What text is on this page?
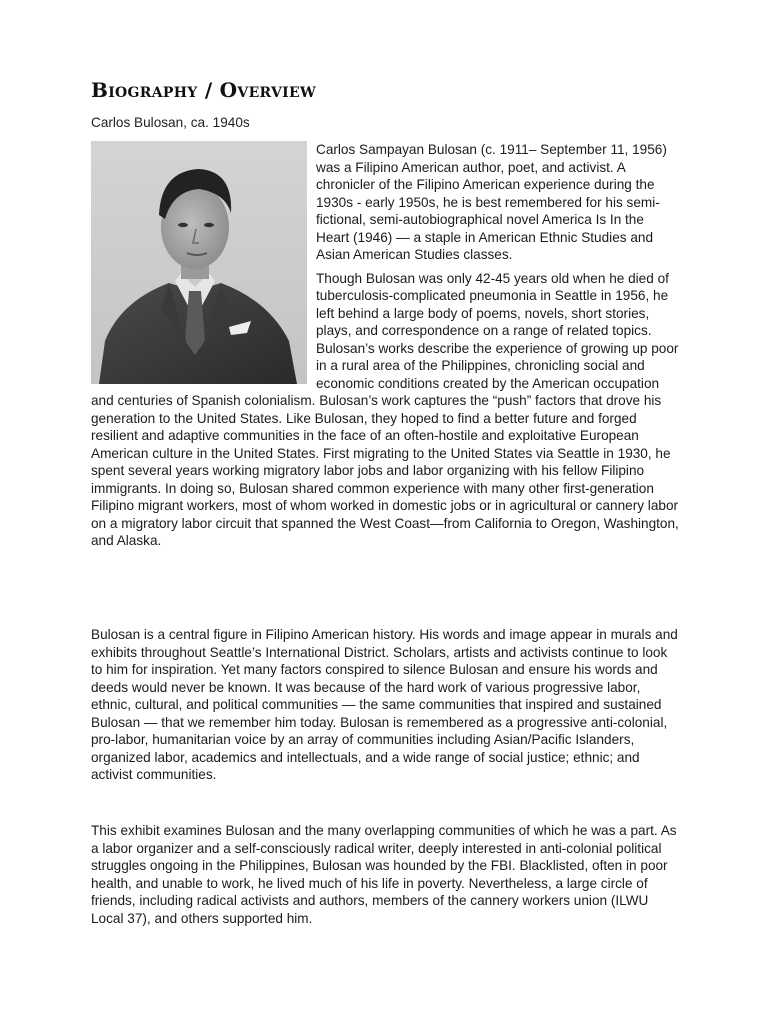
Biography / Overview
Carlos Bulosan, ca. 1940s

Carlos Sampayan Bulosan (c. 1911– September 11, 1956) was a Filipino American author, poet, and activist. A chronicler of the Filipino American experience during the 1930s - early 1950s, he is best remembered for his semi-fictional, semi-autobiographical novel America Is In the Heart (1946) — a staple in American Ethnic Studies and Asian American Studies classes.

Though Bulosan was only 42-45 years old when he died of tuberculosis-complicated pneumonia in Seattle in 1956, he left behind a large body of poems, novels, short stories, plays, and correspondence on a range of related topics. Bulosan’s works describe the experience of growing up poor in a rural area of the Philippines, chronicling social and economic conditions created by the American occupation and centuries of Spanish colonialism. Bulosan’s work captures the “push” factors that drove his generation to the United States. Like Bulosan, they hoped to find a better future and forged resilient and adaptive communities in the face of an often-hostile and exploitative European American culture in the United States. First migrating to the United States via Seattle in 1930, he spent several years working migratory labor jobs and labor organizing with his fellow Filipino immigrants. In doing so, Bulosan shared common experience with many other first-generation Filipino migrant workers, most of whom worked in domestic jobs or in agricultural or cannery labor on a migratory labor circuit that spanned the West Coast—from California to Oregon, Washington, and Alaska.

Bulosan is a central figure in Filipino American history. His words and image appear in murals and exhibits throughout Seattle’s International District. Scholars, artists and activists continue to look to him for inspiration. Yet many factors conspired to silence Bulosan and ensure his words and deeds would never be known. It was because of the hard work of various progressive labor, ethnic, cultural, and political communities — the same communities that inspired and sustained Bulosan — that we remember him today. Bulosan is remembered as a progressive anti-colonial, pro-labor, humanitarian voice by an array of communities including Asian/Pacific Islanders, organized labor, academics and intellectuals, and a wide range of social justice; ethnic; and activist communities.

This exhibit examines Bulosan and the many overlapping communities of which he was a part. As a labor organizer and a self-consciously radical writer, deeply interested in anti-colonial political struggles ongoing in the Philippines, Bulosan was hounded by the FBI. Blacklisted, often in poor health, and unable to work, he lived much of his life in poverty. Nevertheless, a large circle of friends, including radical activists and authors, members of the cannery workers union (ILWU Local 37), and others supported him.
